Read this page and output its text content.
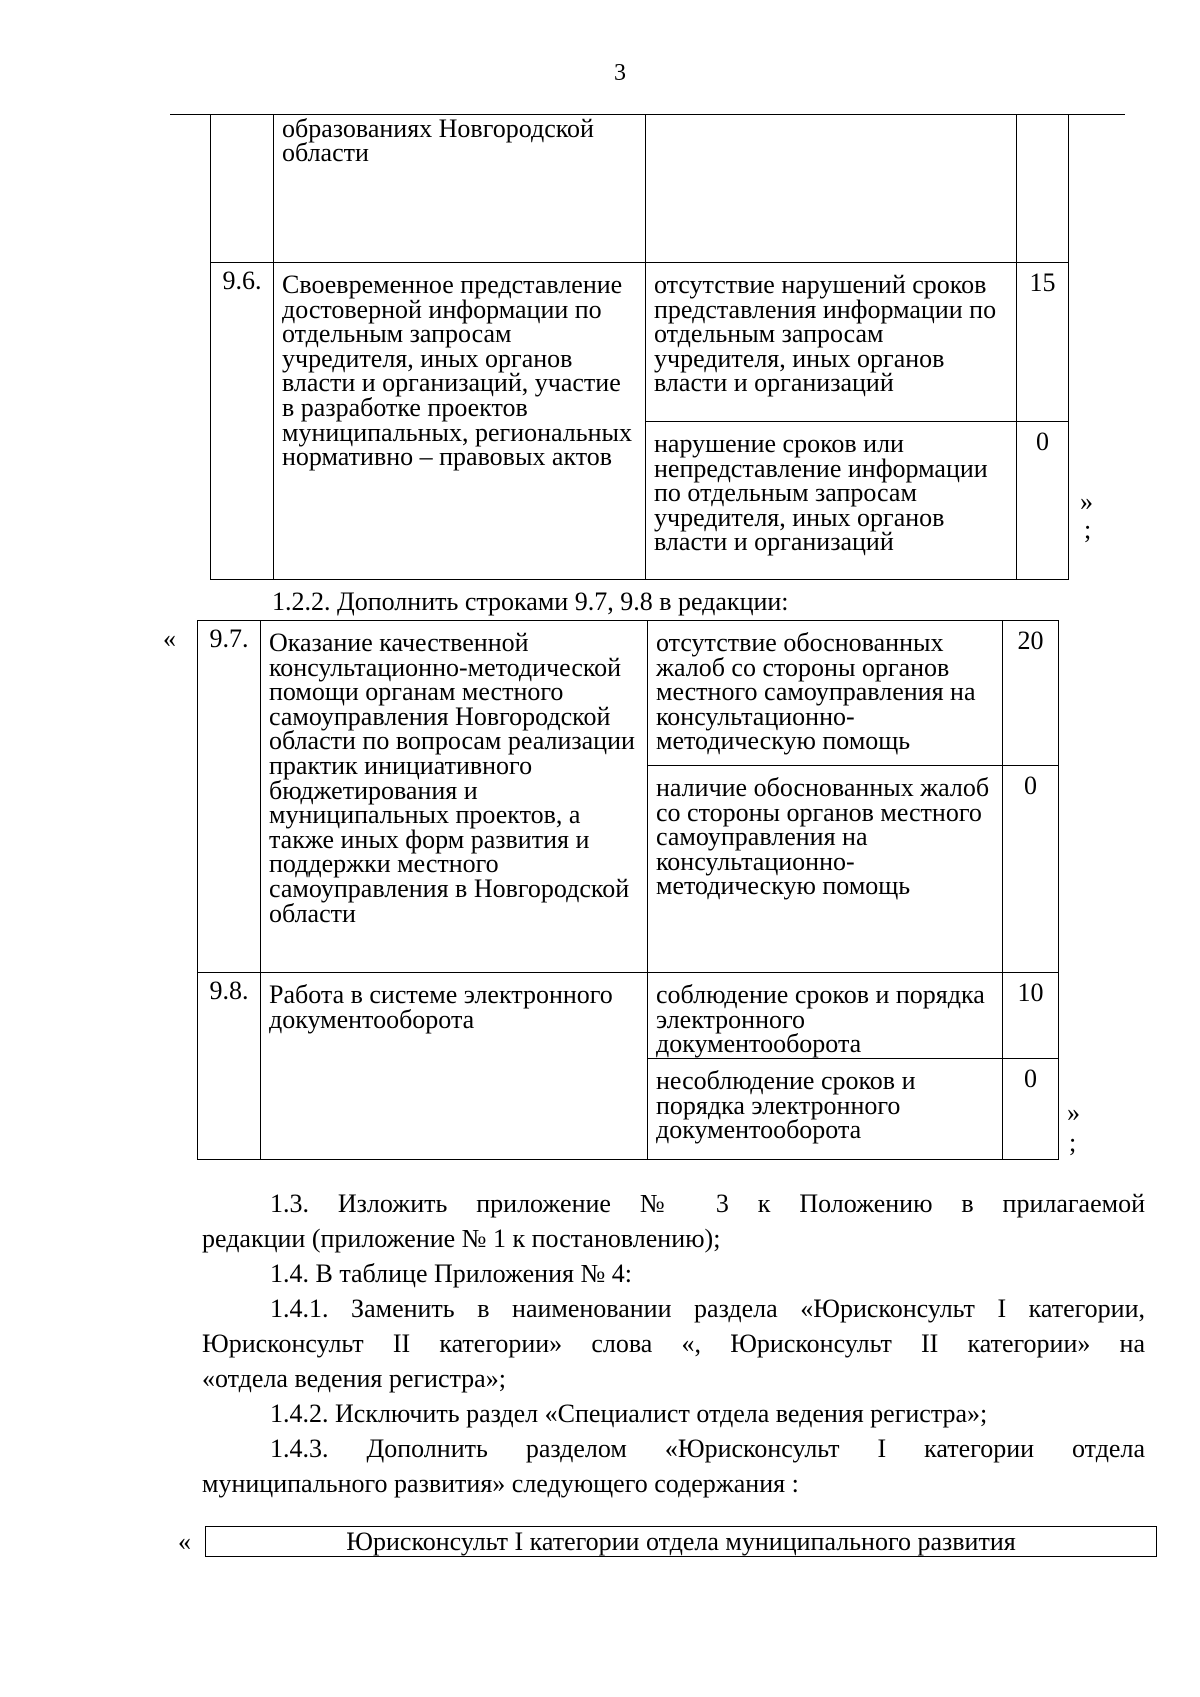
3
	образованиях Новгородской области		
9.6.	Своевременное представление достоверной информации по отдельным запросам учредителя, иных органов власти и организаций, участие в разработке проектов муниципальных, региональных нормативно – правовых актов	отсутствие нарушений сроков представления информации по отдельным запросам учредителя, иных органов власти и организаций	15
		нарушение сроков или непредставление информации по отдельным запросам учредителя, иных органов власти и организаций	0
»
;
1.2.2. Дополнить строками 9.7, 9.8 в редакции:
« 9.7.	Оказание качественной консультационно-методической помощи органам местного самоуправления Новгородской области по вопросам реализации практик инициативного бюджетирования и муниципальных проектов, а также иных форм развития и поддержки местного самоуправления в Новгородской области	отсутствие обоснованных жалоб со стороны органов местного самоуправления на консультационно-методическую помощь	20
		наличие обоснованных жалоб со стороны органов местного самоуправления на консультационно-методическую помощь	0
9.8.	Работа в системе электронного документооборота	соблюдение сроков и порядка электронного документооборота	10
		несоблюдение сроков и порядка электронного документооборота	0
»
;
1.3. Изложить приложение № 3 к Положению в прилагаемой
редакции (приложение № 1 к постановлению);
1.4. В таблице Приложения № 4:
1.4.1. Заменить в наименовании раздела «Юрисконсульт I категории,
Юрисконсульт II категории» слова «, Юрисконсульт II категории» на
«отдела ведения регистра»;
1.4.2. Исключить раздел «Специалист отдела ведения регистра»;
1.4.3. Дополнить разделом «Юрисконсульт I категории отдела
муниципального развития» следующего содержания :
«	Юрисконсульт I категории отдела муниципального развития
